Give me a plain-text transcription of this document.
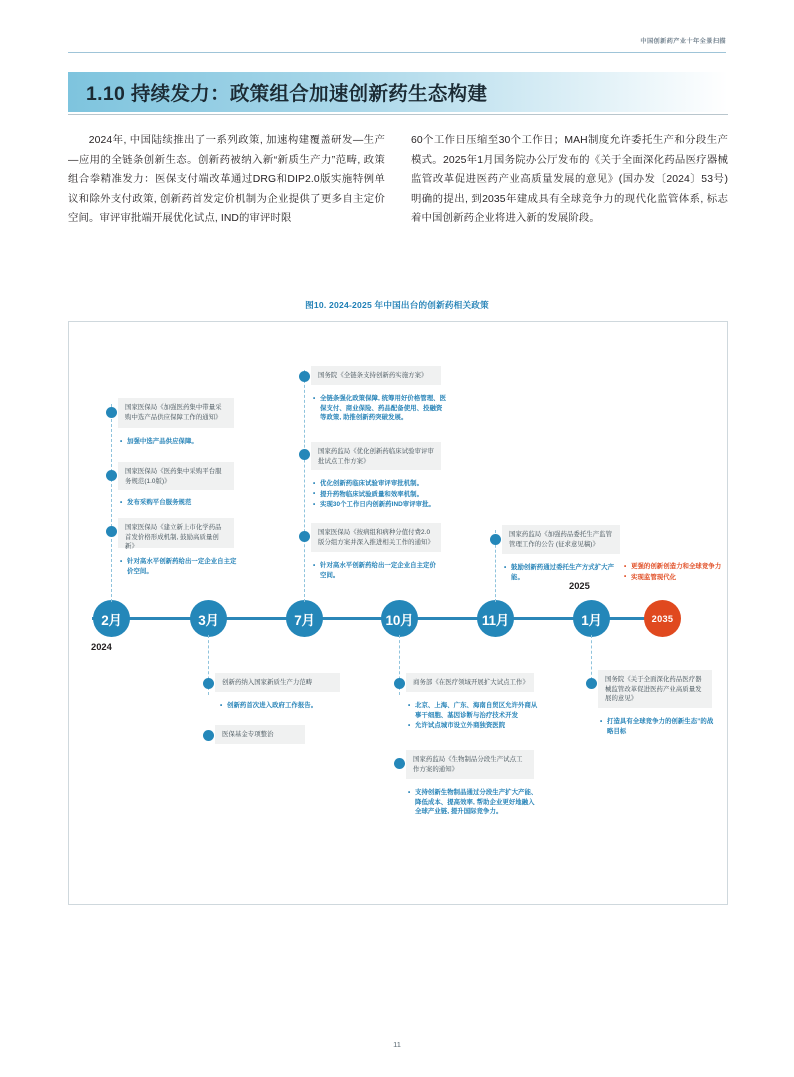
中国创新药产业十年全景扫描
1.10 持续发力：政策组合加速创新药生态构建

2024年, 中国陆续推出了一系列政策, 加速构建覆盖研发—生产—应用的全链条创新生态。创新药被纳入新“新质生产力”范畴, 政策组合拳精准发力：医保支付端改革通过DRG和DIP2.0版实施特例单议和除外支付政策, 创新药首发定价机制为企业提供了更多自主定价空间。审评审批端开展优化试点, IND的审评时限

60个工作日压缩至30个工作日；MAH制度允许委托生产和分段生产模式。2025年1月国务院办公厅发布的《关于全面深化药品医疗器械监管改革促进医药产业高质量发展的意见》(国办发〔2024〕53号) 明确的提出, 到2035年建成具有全球竞争力的现代化监管体系, 标志着中国创新药企业将进入新的发展阶段。

图10. 2024-2025 年中国出台的创新药相关政策
2月	3月	7月	10月	11月	1月	2035
2024
2025
国家医保局《加强医药集中带量采购中选产品供应保障工作的通知》
• 加强中选产品供应保障。
国家医保局《医药集中采购平台服务规范(1.0版)》
• 发布采购平台服务规范
国家医保局《建立新上市化学药品首发价格形成机制, 鼓励高质量创新》
• 针对高水平创新药给出一定企业自主定价空间。
国务院《全链条支持创新药实施方案》
• 全链条强化政策保障, 统筹用好价格管理、医保支付、商业保险、药品配备使用、投融资等政策, 助推创新药突破发展。
国家药监局《优化创新药临床试验审评审批试点工作方案》
• 优化创新药临床试验审评审批机制。
• 提升药物临床试验质量和效率机制。
• 实现30个工作日内创新药IND审评审批。
国家医保局《按病组和病种分值付费2.0版分组方案并深入推进相关工作的通知》
• 针对高水平创新药给出一定企业自主定价空间。
国家药监局《加强药品委托生产监管管理工作的公告 (征求意见稿)》
• 鼓励创新药通过委托生产方式扩大产能。
• 更强的创新创造力和全球竞争力
• 实现监管现代化
创新药纳入国家新质生产力范畴
• 创新药首次进入政府工作报告。
医保基金专项整治
商务部《在医疗领域开展扩大试点工作》
• 北京、上海、广东、海南自贸区允许外商从事干细胞、基因诊断与治疗技术开发
• 允许试点城市设立外商独资医院
国家药监局《生物制品分段生产试点工作方案的通知》
• 支持创新生物制品通过分段生产扩大产能、降低成本、提高效率, 帮助企业更好地融入全球产业链, 提升国际竞争力。
国务院《关于全面深化药品医疗器械监管改革促进医药产业高质量发展的意见》
• 打造具有全球竞争力的创新生态”的战略目标
11
